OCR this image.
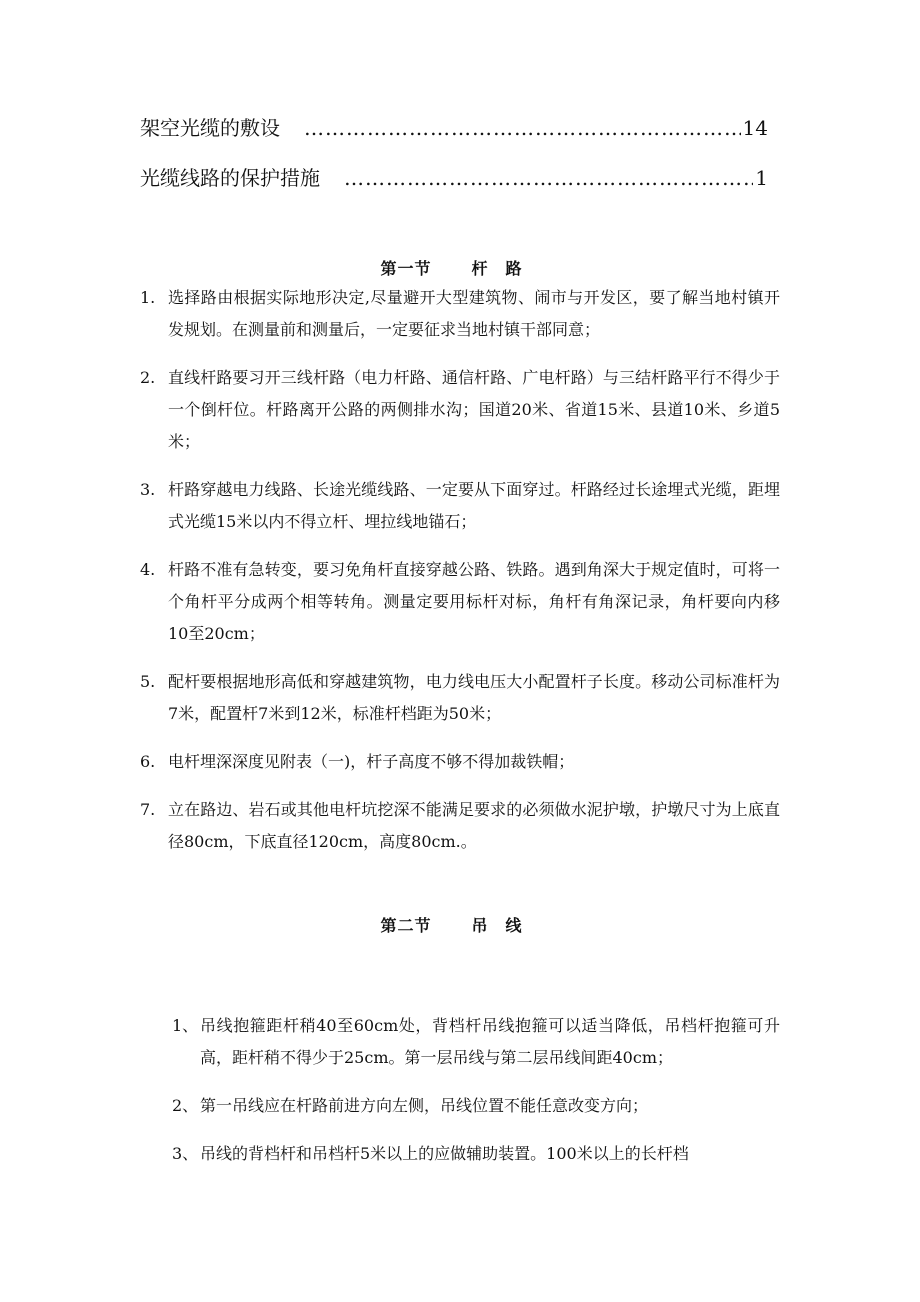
架空光缆的敷设 ……………………………………………………………………………………………………………………	14
光缆线路的保护措施 ……………………………………………………………………………………………………………………	1
第一节	杆路
1. 选择路由根据实际地形决定,尽量避开大型建筑物、闹市与开发区，要了解当地村镇开发规划。在测量前和测量后，一定要征求当地村镇干部同意；
2. 直线杆路要习开三线杆路（电力杆路、通信杆路、广电杆路）与三结杆路平行不得少于一个倒杆位。杆路离开公路的两侧排水沟；国道20米、省道15米、县道10米、乡道5米；
3. 杆路穿越电力线路、长途光缆线路、一定要从下面穿过。杆路经过长途埋式光缆，距埋式光缆15米以内不得立杆、埋拉线地锚石；
4. 杆路不准有急转变，要习免角杆直接穿越公路、铁路。遇到角深大于规定值时，可将一个角杆平分成两个相等转角。测量定要用标杆对标，角杆有角深记录，角杆要向内移10至20cm；
5. 配杆要根据地形高低和穿越建筑物，电力线电压大小配置杆子长度。移动公司标准杆为7米，配置杆7米到12米，标准杆档距为50米；
6. 电杆埋深深度见附表（一)，杆子高度不够不得加裁铁帽；
7. 立在路边、岩石或其他电杆坑挖深不能满足要求的必须做水泥护墩，护墩尺寸为上底直径80cm，下底直径120cm，高度80cm.。
第二节	吊线
1、 吊线抱箍距杆稍40至60cm处，背档杆吊线抱箍可以适当降低，吊档杆抱箍可升高，距杆稍不得少于25cm。第一层吊线与第二层吊线间距40cm；
2、 第一吊线应在杆路前进方向左侧，吊线位置不能任意改变方向；
3、 吊线的背档杆和吊档杆5米以上的应做辅助装置。100米以上的长杆档
